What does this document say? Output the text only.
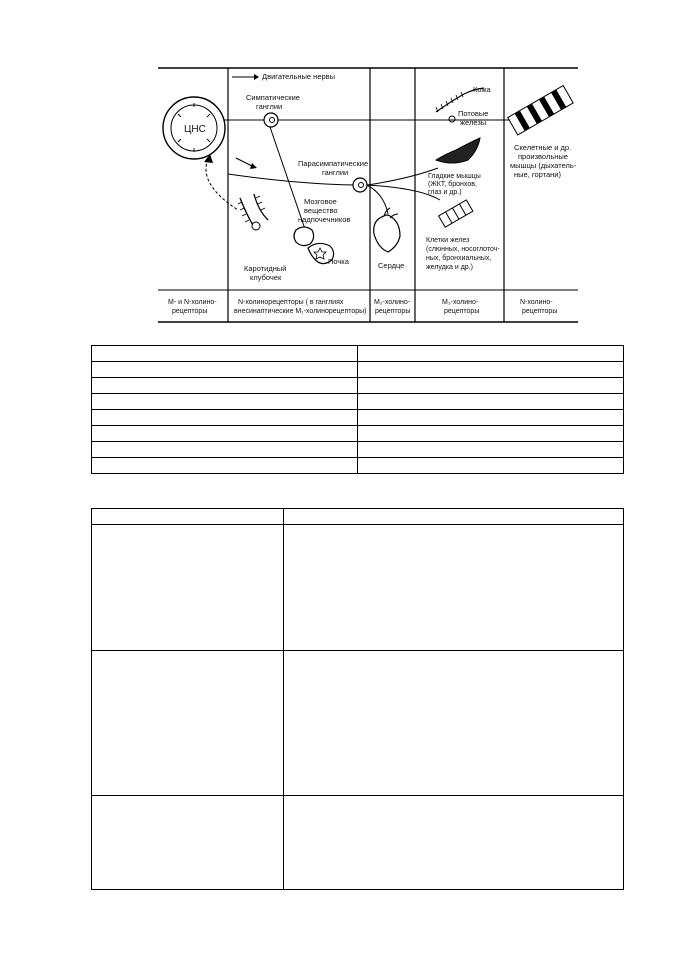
ЦНС
Двигательные нервы
Симпатические
ганглии
Кожа
Потовые
железы
Скелетные и др.
произвольные
мышцы (дыхатель-
ные, гортани)
Парасимпатические
ганглии	Гладкие мышцы
(ЖКТ, бронхов,
глаз и др.)
Клетки желез
(слюнных, носоглоточ-
ных, бронхиальных,
желудка и др.)
Сердце
Мозговое
вещество
надпочечников
Почка
Каротидный
клубочек
М- и N-холино-
рецепторы
N-холинорецепторы ( в ганглиях
внесинаптические М₁-холинорецепторы)
М₂-холино-
рецепторы
М₃-холино-
рецепторы
N-холино-
рецепторы
